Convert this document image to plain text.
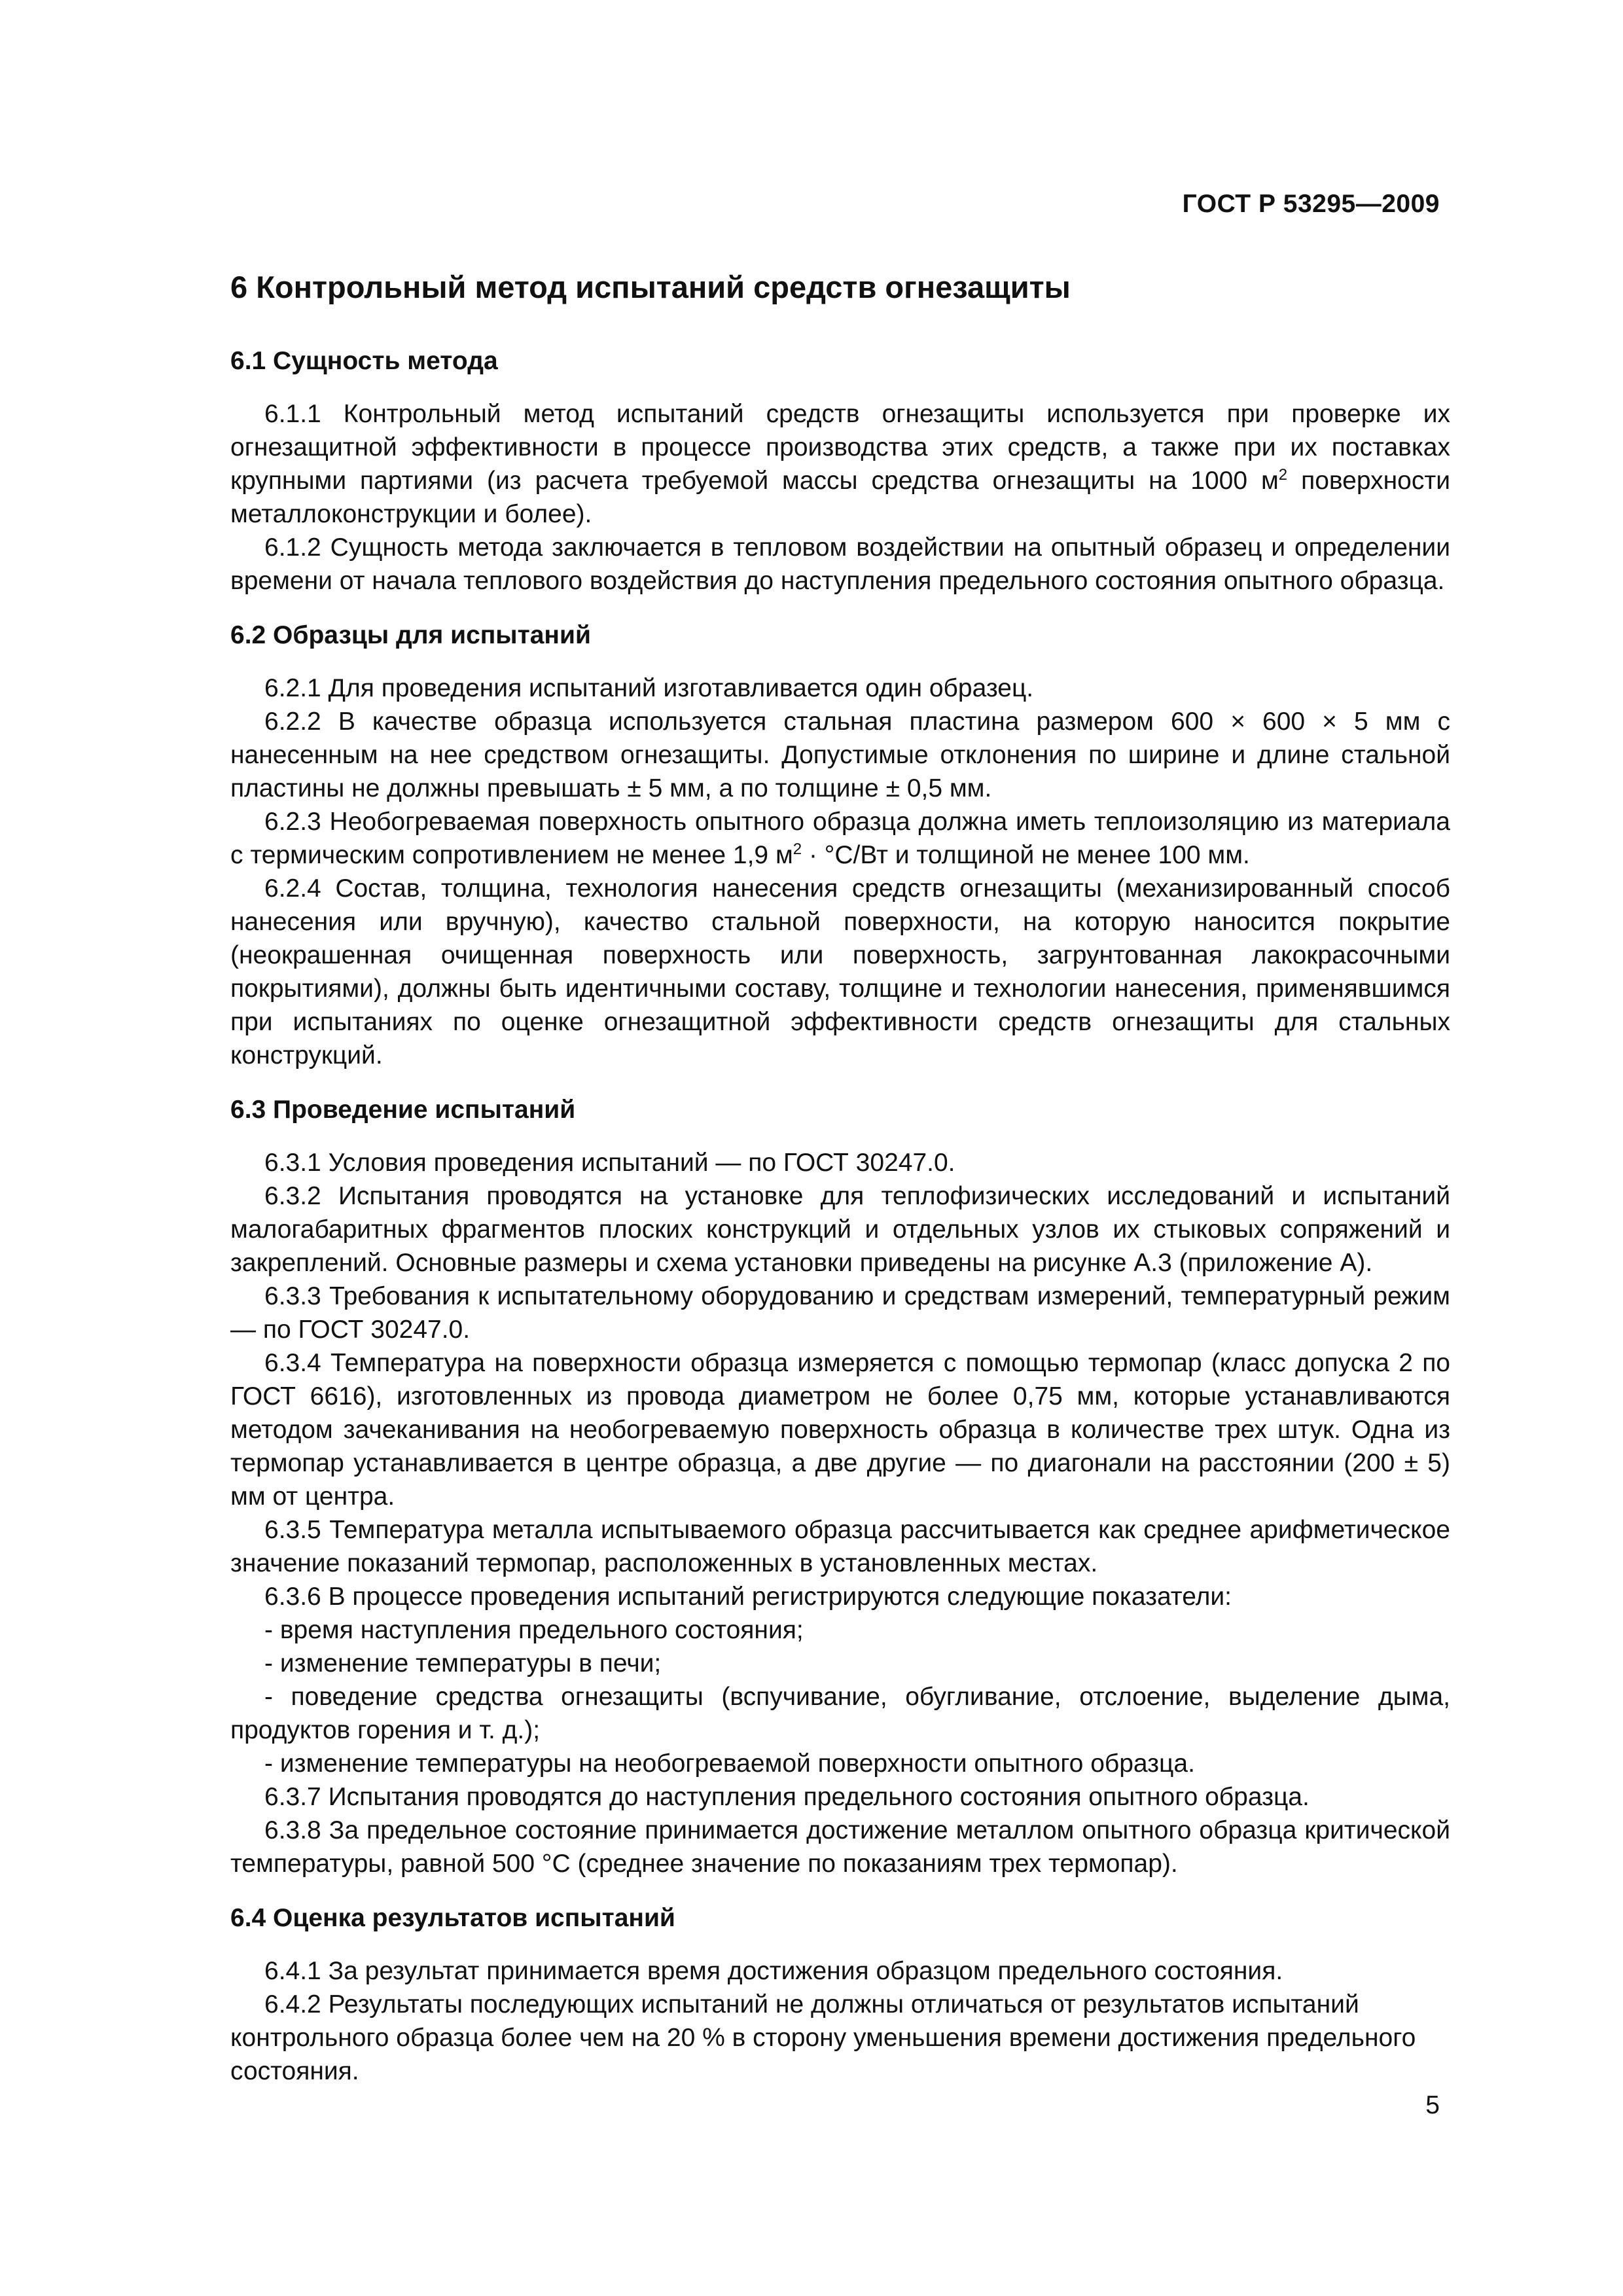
ГОСТ Р 53295—2009
6 Контрольный метод испытаний средств огнезащиты
6.1 Сущность метода

6.1.1 Контрольный метод испытаний средств огнезащиты используется при проверке их огнезащитной эффективности в процессе производства этих средств, а также при их поставках крупными партиями (из расчета требуемой массы средства огнезащиты на 1000 $м^2$ поверхности металлоконструкции и более).

6.1.2 Сущность метода заключается в тепловом воздействии на опытный образец и определении времени от начала теплового воздействия до наступления предельного состояния опытного образца.

6.2 Образцы для испытаний

6.2.1 Для проведения испытаний изготавливается один образец.

6.2.2 В качестве образца используется стальная пластина размером 600 × 600 × 5 мм с нанесенным на нее средством огнезащиты. Допустимые отклонения по ширине и длине стальной пластины не должны превышать ± 5 мм, а по толщине ± 0,5 мм.

6.2.3 Необогреваемая поверхность опытного образца должна иметь теплоизоляцию из материала с термическим сопротивлением не менее 1,9 $м^2 \cdot ^\circ С/Вт$ и толщиной не менее 100 мм.

6.2.4 Состав, толщина, технология нанесения средств огнезащиты (механизированный способ нанесения или вручную), качество стальной поверхности, на которую наносится покрытие (неокрашенная очищенная поверхность или поверхность, загрунтованная лакокрасочными покрытиями), должны быть идентичными составу, толщине и технологии нанесения, применявшимся при испытаниях по оценке огнезащитной эффективности средств огнезащиты для стальных конструкций.

6.3 Проведение испытаний

6.3.1 Условия проведения испытаний — по ГОСТ 30247.0.

6.3.2 Испытания проводятся на установке для теплофизических исследований и испытаний малогабаритных фрагментов плоских конструкций и отдельных узлов их стыковых сопряжений и закреплений. Основные размеры и схема установки приведены на рисунке А.3 (приложение А).

6.3.3 Требования к испытательному оборудованию и средствам измерений, температурный режим — по ГОСТ 30247.0.

6.3.4 Температура на поверхности образца измеряется с помощью термопар (класс допуска 2 по ГОСТ 6616), изготовленных из провода диаметром не более 0,75 мм, которые устанавливаются методом зачеканивания на необогреваемую поверхность образца в количестве трех штук. Одна из термопар устанавливается в центре образца, а две другие — по диагонали на расстоянии (200 ± 5) мм от центра.

6.3.5 Температура металла испытываемого образца рассчитывается как среднее арифметическое значение показаний термопар, расположенных в установленных местах.

6.3.6 В процессе проведения испытаний регистрируются следующие показатели:

- время наступления предельного состояния;

- изменение температуры в печи;

- поведение средства огнезащиты (вспучивание, обугливание, отслоение, выделение дыма, продуктов горения и т. д.);

- изменение температуры на необогреваемой поверхности опытного образца.

6.3.7 Испытания проводятся до наступления предельного состояния опытного образца.

6.3.8 За предельное состояние принимается достижение металлом опытного образца критической температуры, равной 500 °С (среднее значение по показаниям трех термопар).

6.4 Оценка результатов испытаний

6.4.1 За результат принимается время достижения образцом предельного состояния.

6.4.2 Результаты последующих испытаний не должны отличаться от результатов испытаний контрольного образца более чем на 20 % в сторону уменьшения времени достижения предельного состояния.

5
